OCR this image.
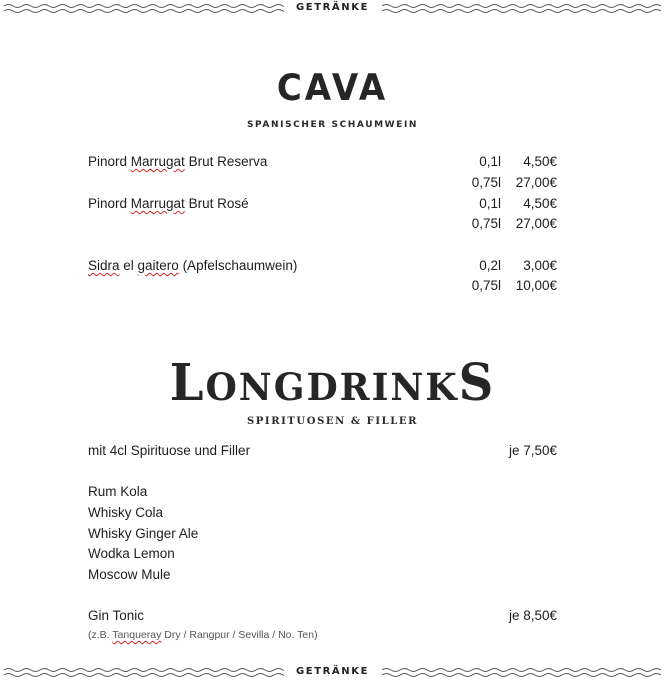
GETRÄNKE
CAVA
SPANISCHER SCHAUMWEIN
Pinord Marrugat Brut Reserva	0,1l 4,50€
0,75l 27,00€
Pinord Marrugat Brut Rosé	0,1l 4,50€
0,75l 27,00€
Sidra el gaitero (Apfelschaumwein)	0,2l 3,00€
0,75l 10,00€
LONGDRINKS
SPIRITUOSEN & FILLER
mit 4cl Spirituose und Filler	je 7,50€
Rum Kola
Whisky Cola
Whisky Ginger Ale
Wodka Lemon
Moscow Mule
Gin Tonic	je 8,50€
(z.B. Tanqueray Dry / Rangpur / Sevilla / No. Ten)
GETRÄNKE
